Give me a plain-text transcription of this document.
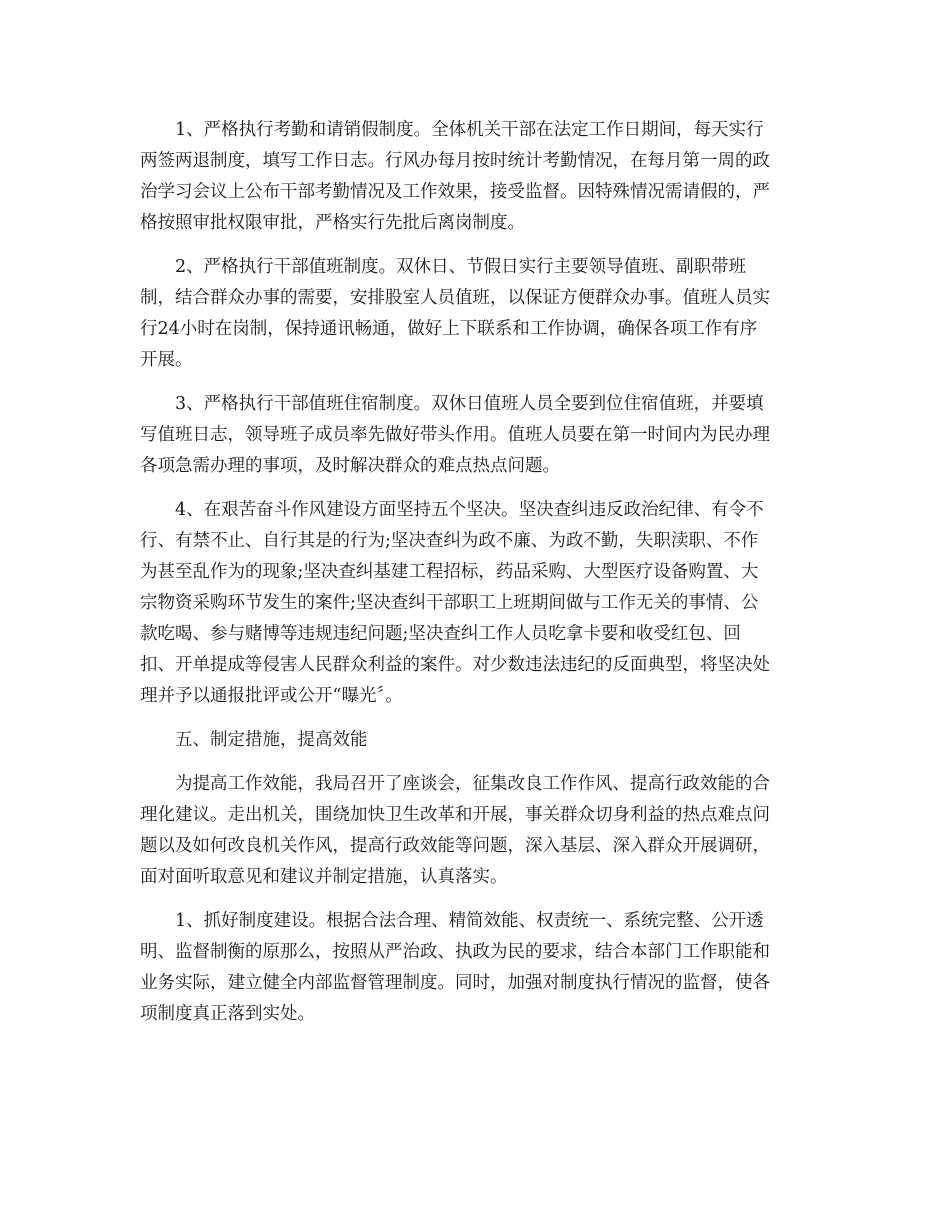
1、严格执行考勤和请销假制度。全体机关干部在法定工作日期间，每天实行
两签两退制度，填写工作日志。行风办每月按时统计考勤情况，在每月第一周的政
治学习会议上公布干部考勤情况及工作效果，接受监督。因特殊情况需请假的，严
格按照审批权限审批，严格实行先批后离岗制度。

2、严格执行干部值班制度。双休日、节假日实行主要领导值班、副职带班
制，结合群众办事的需要，安排股室人员值班，以保证方便群众办事。值班人员实
行24小时在岗制，保持通讯畅通，做好上下联系和工作协调，确保各项工作有序
开展。

3、严格执行干部值班住宿制度。双休日值班人员全要到位住宿值班，并要填
写值班日志，领导班子成员率先做好带头作用。值班人员要在第一时间内为民办理
各项急需办理的事项，及时解决群众的难点热点问题。

4、在艰苦奋斗作风建设方面坚持五个坚决。坚决查纠违反政治纪律、有令不
行、有禁不止、自行其是的行为;坚决查纠为政不廉、为政不勤，失职渎职、不作
为甚至乱作为的现象;坚决查纠基建工程招标，药品采购、大型医疗设备购置、大
宗物资采购环节发生的案件;坚决查纠干部职工上班期间做与工作无关的事情、公
款吃喝、参与赌博等违规违纪问题;坚决查纠工作人员吃拿卡要和收受红包、回
扣、开单提成等侵害人民群众利益的案件。对少数违法违纪的反面典型，将坚决处
理并予以通报批评或公开“曝光〞。

五、制定措施，提高效能

为提高工作效能，我局召开了座谈会，征集改良工作作风、提高行政效能的合
理化建议。走出机关，围绕加快卫生改革和开展，事关群众切身利益的热点难点问
题以及如何改良机关作风，提高行政效能等问题，深入基层、深入群众开展调研，
面对面听取意见和建议并制定措施，认真落实。

1、抓好制度建设。根据合法合理、精简效能、权责统一、系统完整、公开透
明、监督制衡的原那么，按照从严治政、执政为民的要求，结合本部门工作职能和
业务实际，建立健全内部监督管理制度。同时，加强对制度执行情况的监督，使各
项制度真正落到实处。
